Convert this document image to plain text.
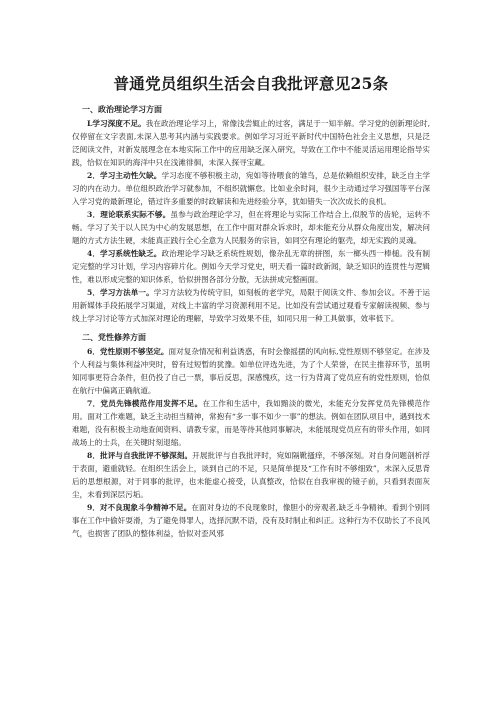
普通党员组织生活会自我批评意见25条
一、政治理论学习方面

L学习深度不足。我在政治理论学习上，常像浅尝辄止的过客，满足于一知半解。学习党的创新理论时,仅停留在文字表面,未深入思考其内涵与实践要求。例如学习习近平新时代中国特色社会主义思想，只是泛泛阅读文件，对新发展理念在本地实际工作中的应用缺乏深入研究，导致在工作中不能灵活运用理论指导实践，恰似在知识的海洋中只在浅滩徘徊，未深入探寻宝藏。

2．学习主动性欠缺。学习态度不够积极主动，宛如等待喂食的雏鸟，总是依赖组织安排，缺乏自主学习的内在动力。单位组织政治学习就参加，不组织就懈怠。比如业余时间，很少主动通过学习强国等平台深入学习党的最新理论，错过许多重要的时政解读和先进经验分享，犹如错失一次次成长的良机。

3．理论联系实际不够。虽参与政治理论学习，但在将理论与实际工作结合上,似脱节的齿轮，运转不畅。学习了关于以人民为中心的发展思想，在工作中面对群众诉求时，却未能充分从群众角度出发，解决问题的方式方法生硬，未能真正践行全心全意为人民服务的宗旨，如同空有理论的躯壳，却无实践的灵魂。

4．学习系统性缺乏。政治理论学习缺乏系统性规划，像杂乱无章的拼图，东一榔头西一棒槌。没有制定完整的学习计划，学习内容碎片化。例如今天学习党史，明天看一篇时政新闻，缺乏知识的连贯性与逻辑性，难以形成完整的知识体系，恰似拼图各部分分散，无法拼成完整画面。

5．学习方法单一。学习方法较为传统守旧，如刻板的老学究，局限于阅读文件、参加会议。不善于运用新媒体手段拓展学习渠道，对线上丰富的学习资源利用不足。比如没有尝试通过观看专家解读视频、参与线上学习讨论等方式加深对理论的理解，导致学习效果不佳，如同只用一种工具做事，效率低下。

二、党性修养方面

6．党性原则不够坚定。面对复杂情况和利益诱惑，有时会像摇摆的风向标,党性原则不够坚定。在涉及个人利益与集体利益冲突时，曾有过短暂的犹豫。如单位评选先进，为了个人荣誉，在民主推荐环节，虽明知同事更符合条件，但仍投了自己一票，事后反思，深感愧疚，这一行为背离了党员应有的党性原则，恰似在航行中偏离正确航道。

7．党员先锋模范作用发挥不足。在工作和生活中，我如黯淡的微光，未能充分发挥党员先锋模范作用。面对工作难题，缺乏主动担当精神，常抱有“多一事不如少一事”的想法。例如在团队项目中，遇到技术难题，没有积极主动地查阅资料、请教专家，而是等待其他同事解决，未能展现党员应有的带头作用，如同战场上的士兵，在关键时刻退缩。

8．批评与自我批评不够深刻。开展批评与自我批评时，宛如隔靴搔痒，不够深刻。对自身问题剖析浮于表面，避重就轻。在组织生活会上，谈到自己的不足，只是简单提及“工作有时不够细致”，未深入反思背后的思想根源，对于同事的批评，也未能虚心接受，认真整改，恰似在自我审视的镜子前，只看到表面灰尘，未看到深层污垢。

9．对不良现象斗争精神不足。在面对身边的不良现象时，像胆小的旁观者,缺乏斗争精神。看到个别同事在工作中偷奸耍滑，为了避免得罪人，选择沉默不语，没有及时制止和纠正。这种行为不仅助长了不良风气，也损害了团队的整体利益，恰似对歪风邪
